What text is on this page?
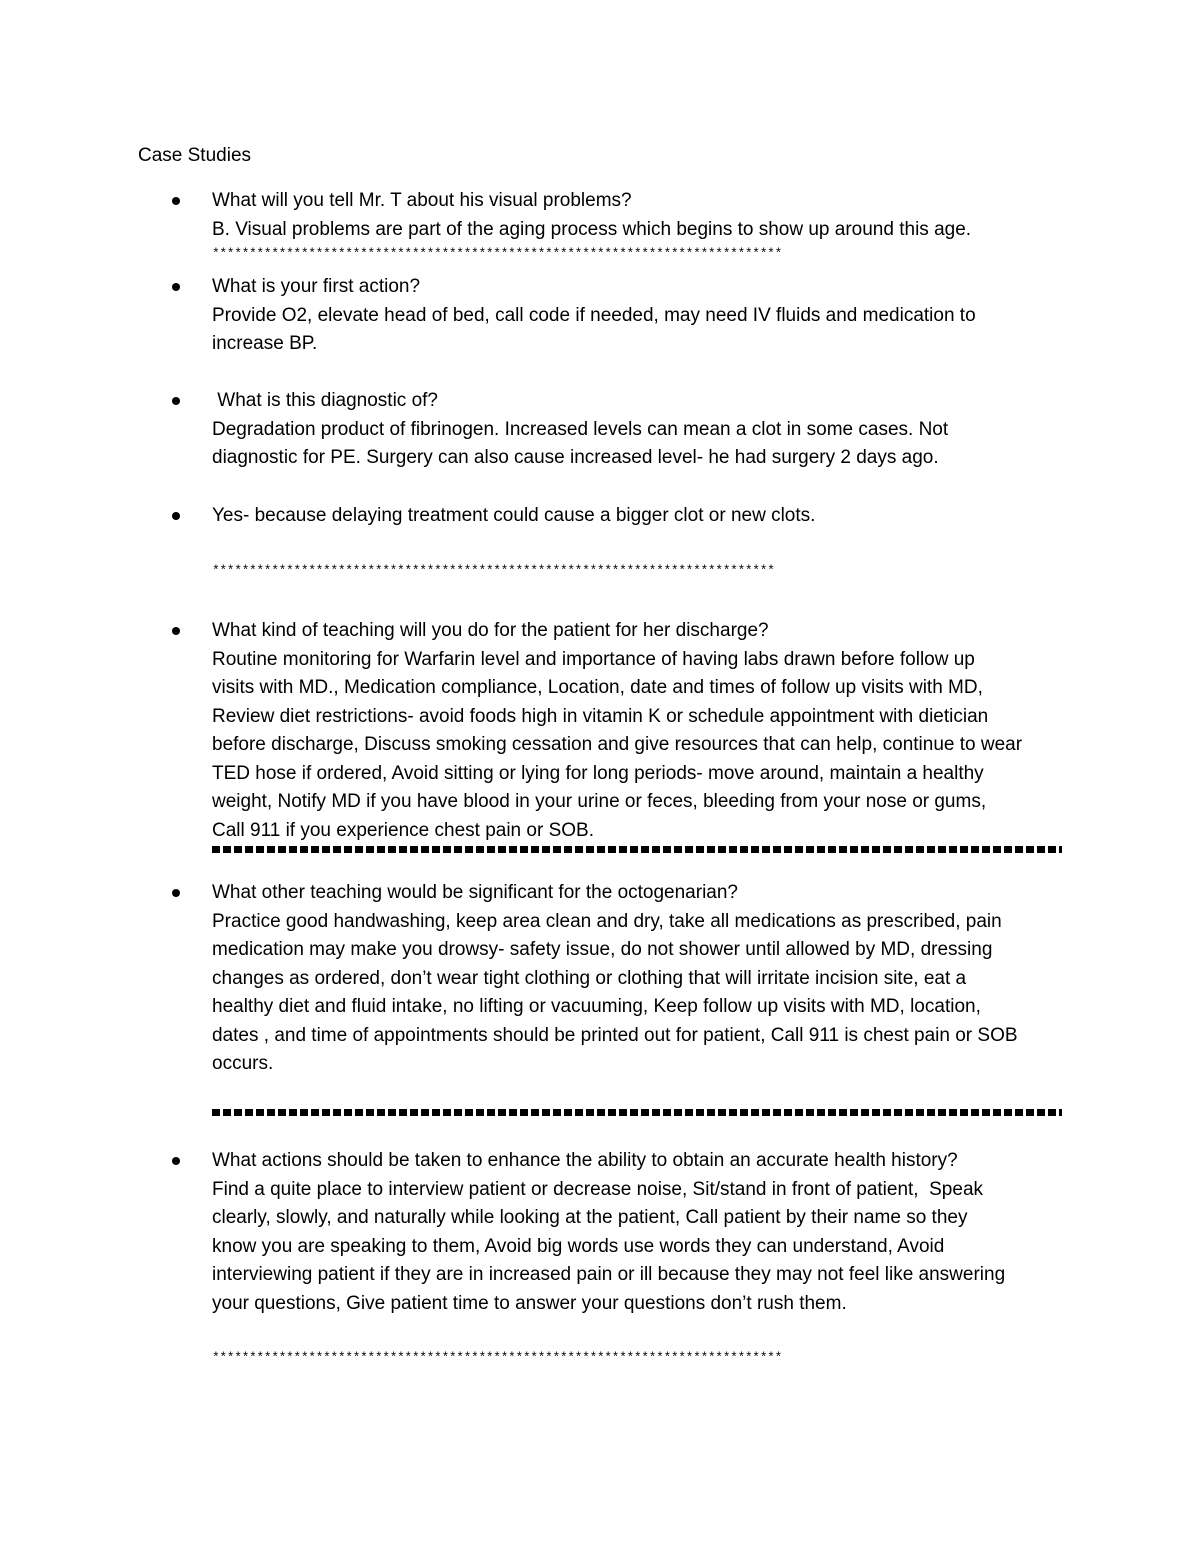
Case Studies
What will you tell Mr. T about his visual problems?
B. Visual problems are part of the aging process which begins to show up around this age.
*****************************************************************************
What is your first action?
Provide O2, elevate head of bed, call code if needed, may need IV fluids and medication to
increase BP.
What is this diagnostic of?
Degradation product of fibrinogen. Increased levels can mean a clot in some cases. Not
diagnostic for PE. Surgery can also cause increased level- he had surgery 2 days ago.
Yes- because delaying treatment could cause a bigger clot or new clots.
****************************************************************************
What kind of teaching will you do for the patient for her discharge?
Routine monitoring for Warfarin level and importance of having labs drawn before follow up
visits with MD., Medication compliance, Location, date and times of follow up visits with MD,
Review diet restrictions- avoid foods high in vitamin K or schedule appointment with dietician
before discharge, Discuss smoking cessation and give resources that can help, continue to wear
TED hose if ordered, Avoid sitting or lying for long periods- move around, maintain a healthy
weight, Notify MD if you have blood in your urine or feces, bleeding from your nose or gums,
Call 911 if you experience chest pain or SOB.
What other teaching would be significant for the octogenarian?
Practice good handwashing, keep area clean and dry, take all medications as prescribed, pain
medication may make you drowsy- safety issue, do not shower until allowed by MD, dressing
changes as ordered, don’t wear tight clothing or clothing that will irritate incision site, eat a
healthy diet and fluid intake, no lifting or vacuuming, Keep follow up visits with MD, location,
dates , and time of appointments should be printed out for patient, Call 911 is chest pain or SOB
occurs.
What actions should be taken to enhance the ability to obtain an accurate health history?
Find a quite place to interview patient or decrease noise, Sit/stand in front of patient,  Speak
clearly, slowly, and naturally while looking at the patient, Call patient by their name so they
know you are speaking to them, Avoid big words use words they can understand, Avoid
interviewing patient if they are in increased pain or ill because they may not feel like answering
your questions, Give patient time to answer your questions don’t rush them.
*****************************************************************************
